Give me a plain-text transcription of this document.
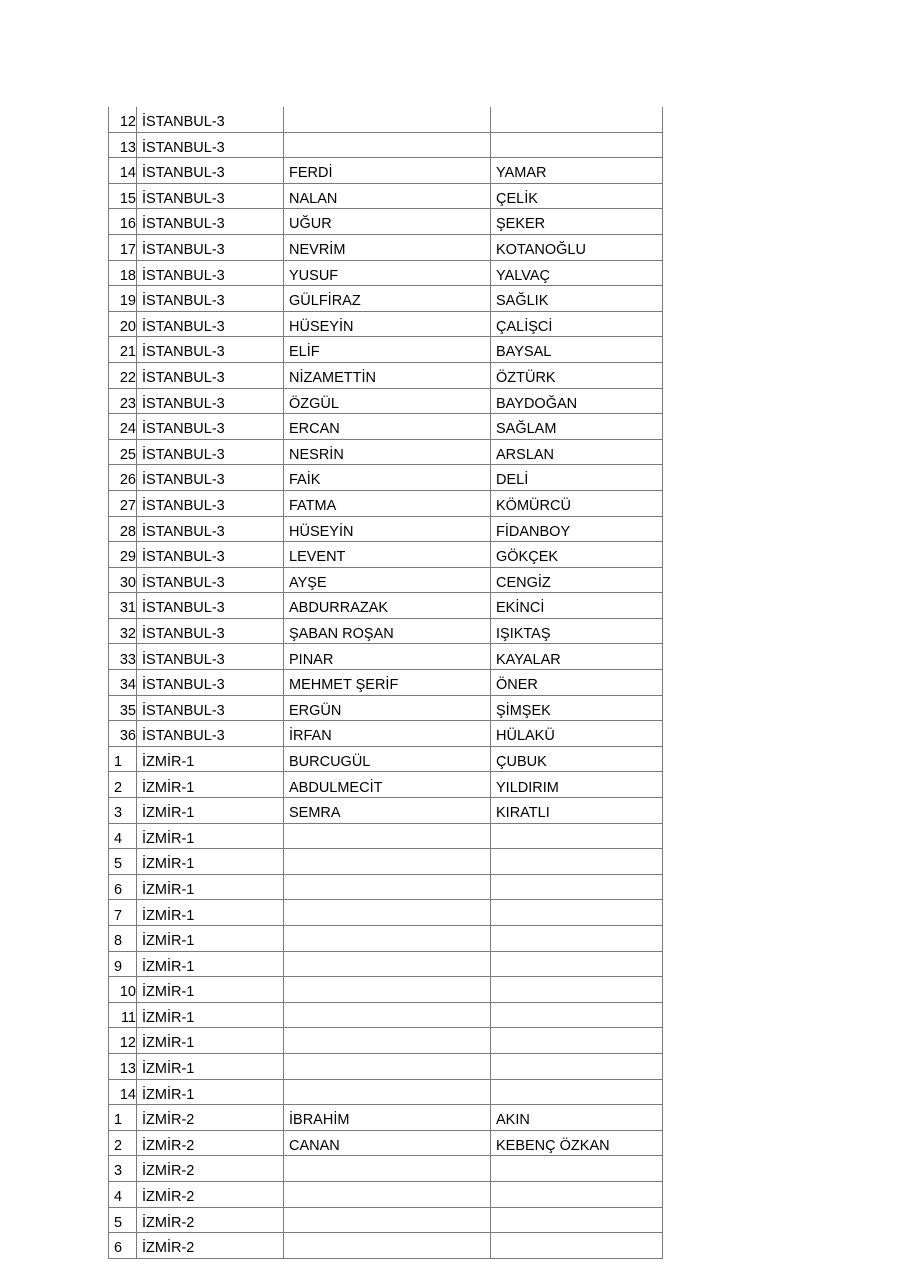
12	İSTANBUL-3		
13	İSTANBUL-3		
14	İSTANBUL-3	FERDİ	YAMAR
15	İSTANBUL-3	NALAN	ÇELİK
16	İSTANBUL-3	UĞUR	ŞEKER
17	İSTANBUL-3	NEVRİM	KOTANOĞLU
18	İSTANBUL-3	YUSUF	YALVAÇ
19	İSTANBUL-3	GÜLFİRAZ	SAĞLIK
20	İSTANBUL-3	HÜSEYİN	ÇALİŞCİ
21	İSTANBUL-3	ELİF	BAYSAL
22	İSTANBUL-3	NİZAMETTİN	ÖZTÜRK
23	İSTANBUL-3	ÖZGÜL	BAYDOĞAN
24	İSTANBUL-3	ERCAN	SAĞLAM
25	İSTANBUL-3	NESRİN	ARSLAN
26	İSTANBUL-3	FAİK	DELİ
27	İSTANBUL-3	FATMA	KÖMÜRCÜ
28	İSTANBUL-3	HÜSEYİN	FİDANBOY
29	İSTANBUL-3	LEVENT	GÖKÇEK
30	İSTANBUL-3	AYŞE	CENGİZ
31	İSTANBUL-3	ABDURRAZAK	EKİNCİ
32	İSTANBUL-3	ŞABAN ROŞAN	IŞIKTAŞ
33	İSTANBUL-3	PINAR	KAYALAR
34	İSTANBUL-3	MEHMET ŞERİF	ÖNER
35	İSTANBUL-3	ERGÜN	ŞİMŞEK
36	İSTANBUL-3	İRFAN	HÜLAKÜ
1	İZMİR-1	BURCUGÜL	ÇUBUK
2	İZMİR-1	ABDULMECİT	YILDIRIM
3	İZMİR-1	SEMRA	KIRATLI
4	İZMİR-1		
5	İZMİR-1		
6	İZMİR-1		
7	İZMİR-1		
8	İZMİR-1		
9	İZMİR-1		
10	İZMİR-1		
11	İZMİR-1		
12	İZMİR-1		
13	İZMİR-1		
14	İZMİR-1		
1	İZMİR-2	İBRAHİM	AKIN
2	İZMİR-2	CANAN	KEBENÇ ÖZKAN
3	İZMİR-2		
4	İZMİR-2		
5	İZMİR-2		
6	İZMİR-2		
